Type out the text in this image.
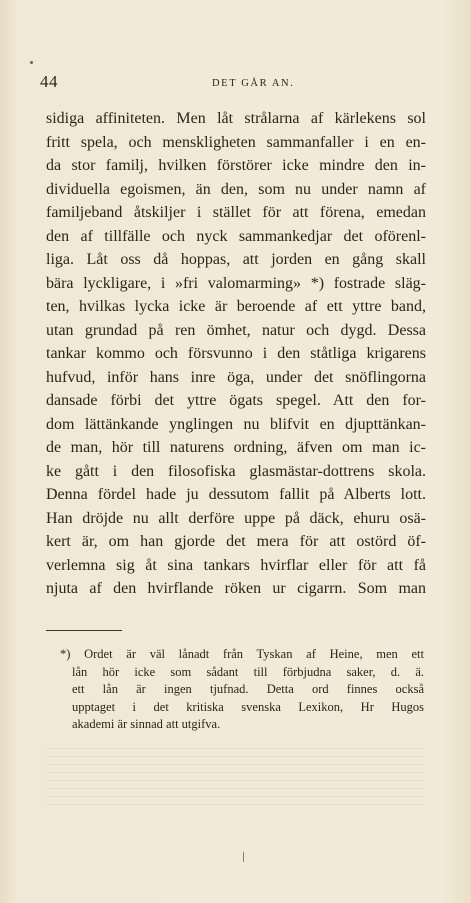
44	DET GÅR AN.
sidiga affiniteten. Men låt strålarna af kärlekens sol
fritt spela, och menskligheten sammanfaller i en en-
da stor familj, hvilken förstörer icke mindre den in-
dividuella egoismen, än den, som nu under namn af
familjeband åtskiljer i stället för att förena, emedan
den af tillfälle och nyck sammankedjar det oförenl-
liga. Låt oss då hoppas, att jorden en gång skall
bära lyckligare, i »fri valomarming» *) fostrade släg-
ten, hvilkas lycka icke är beroende af ett yttre band,
utan grundad på ren ömhet, natur och dygd. Dessa
tankar kommo och försvunno i den ståtliga krigarens
hufvud, inför hans inre öga, under det snöflingorna
dansade förbi det yttre ögats spegel. Att den for-
dom lättänkande ynglingen nu blifvit en djupttänkan-
de man, hör till naturens ordning, äfven om man ic-
ke gått i den filosofiska glasmästar-dottrens skola.
Denna fördel hade ju dessutom fallit på Alberts lott.
Han dröjde nu allt derföre uppe på däck, ehuru osä-
kert är, om han gjorde det mera för att ostörd öf-
verlemna sig åt sina tankars hvirflar eller för att få
njuta af den hvirflande röken ur cigarrn. Som man
*) Ordet är väl lånadt från Tyskan af Heine, men ett
lån hör icke som sådant till förbjudna saker, d. ä.
ett lån är ingen tjufnad. Detta ord finnes också
upptaget i det kritiska svenska Lexikon, Hr Hugos
akademi är sinnad att utgifva.
